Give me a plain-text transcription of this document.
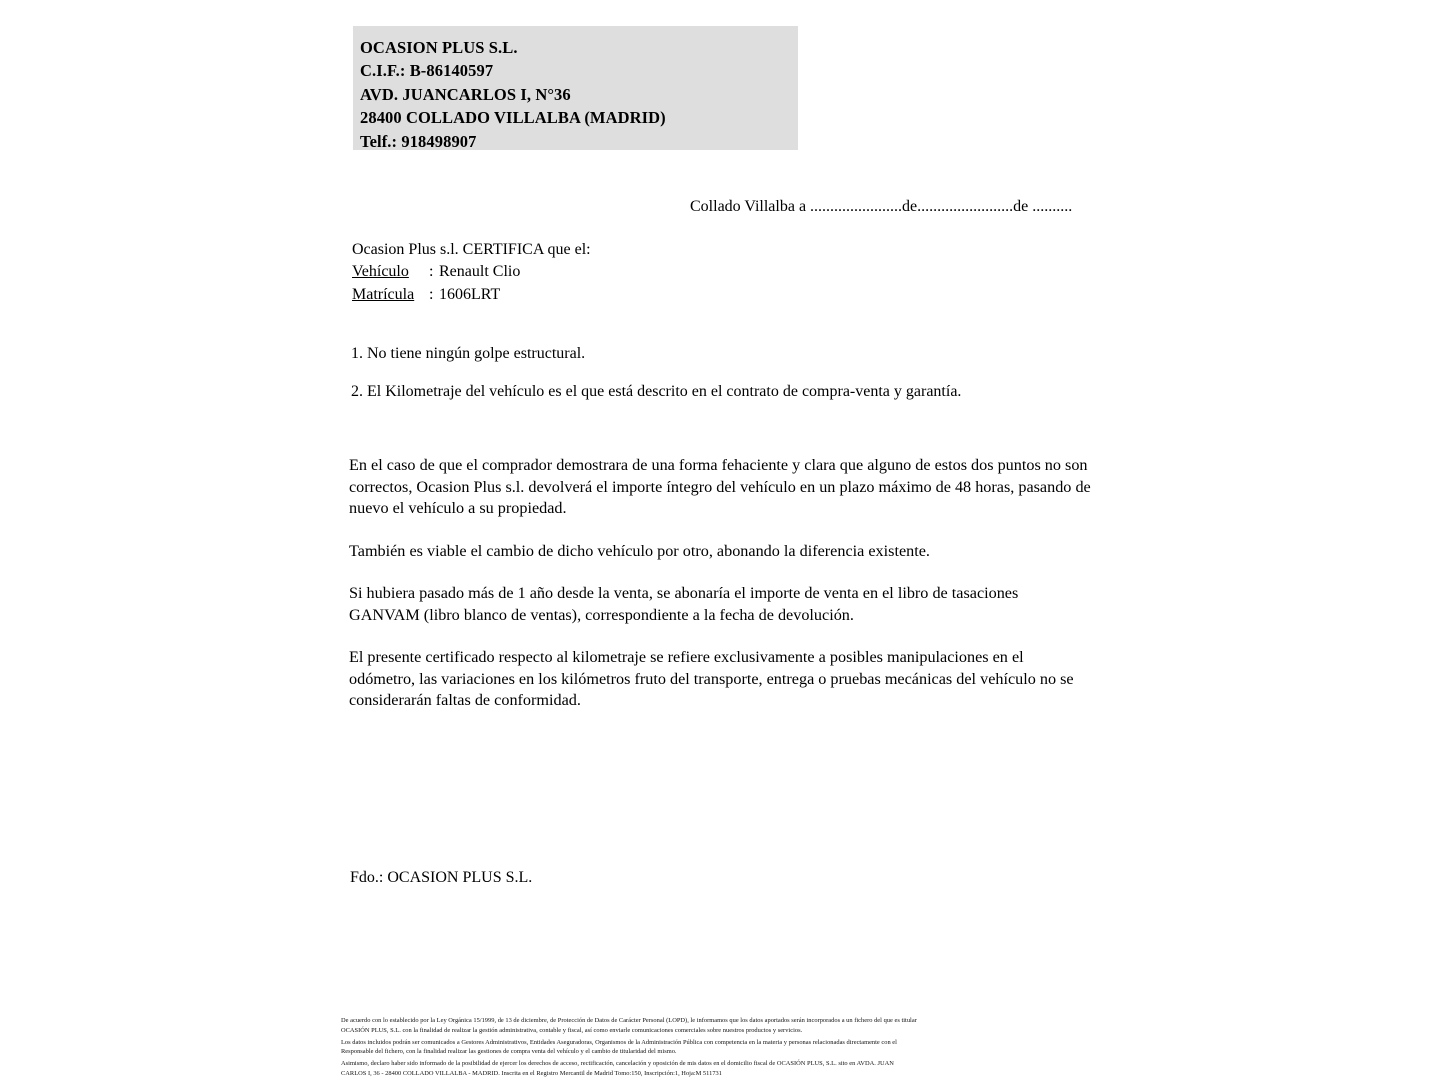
OCASION PLUS S.L.
C.I.F.: B-86140597
AVD. JUANCARLOS I, N°36
28400 COLLADO VILLALBA (MADRID)
Telf.: 918498907
Collado Villalba a .......................de........................de ..........
Ocasion Plus s.l. CERTIFICA que el:
Vehículo : Renault Clio
Matrícula : 1606LRT
1. No tiene ningún golpe estructural.
2. El Kilometraje del vehículo es el que está descrito en el contrato de compra-venta y garantía.

En el caso de que el comprador demostrara de una forma fehaciente y clara que alguno de estos dos puntos no son correctos, Ocasion Plus s.l. devolverá el importe íntegro del vehículo en un plazo máximo de 48 horas, pasando de nuevo el vehículo a su propiedad.

También es viable el cambio de dicho vehículo por otro, abonando la diferencia existente.

Si hubiera pasado más de 1 año desde la venta, se abonaría el importe de venta en el libro de tasaciones GANVAM (libro blanco de ventas), correspondiente a la fecha de devolución.

El presente certificado respecto al kilometraje se refiere exclusivamente a posibles manipulaciones en el odómetro, las variaciones en los kilómetros fruto del transporte, entrega o pruebas mecánicas del vehículo no se considerarán faltas de conformidad.

Fdo.: OCASION PLUS S.L.
De acuerdo con lo establecido por la Ley Orgánica 15/1999, de 13 de diciembre, de Protección de Datos de Carácter Personal (LOPD), le informamos que los datos aportados serán incorporados a un fichero del que es titular
OCASIÓN PLUS, S.L. con la finalidad de realizar la gestión administrativa, contable y fiscal, así como enviarle comunicaciones comerciales sobre nuestros productos y servicios.
Los datos incluidos podrán ser comunicados a Gestores Administrativos, Entidades Aseguradoras, Organismos de la Administración Pública con competencia en la materia y personas relacionadas directamente con el
Responsable del fichero, con la finalidad realizar las gestiones de compra venta del vehículo y el cambio de titularidad del mismo.
Asimismo, declaro haber sido informado de la posibilidad de ejercer los derechos de acceso, rectificación, cancelación y oposición de mis datos en el domicilio fiscal de OCASIÓN PLUS, S.L. sito en AVDA. JUAN
CARLOS I, 36 - 28400 COLLADO VILLALBA - MADRID. Inscrita en el Registro Mercantil de Madrid Tomo:150, Inscripción:1, Hoja:M 511731
